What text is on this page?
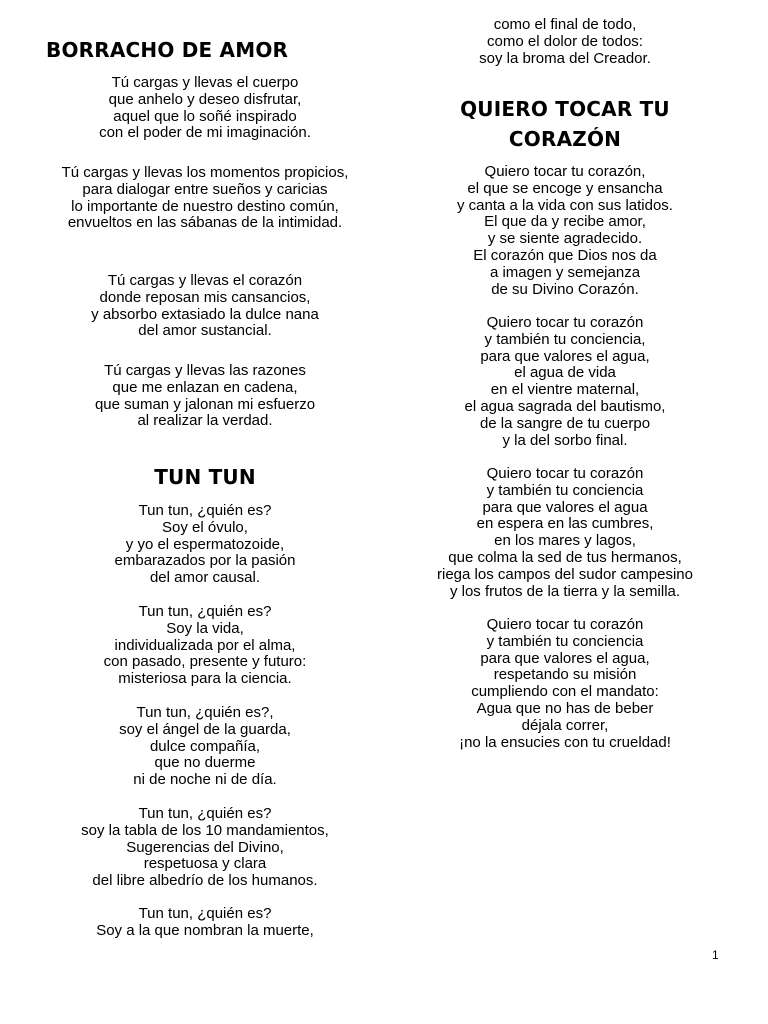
BORRACHO DE AMOR
Tú cargas y llevas el cuerpo
que anhelo y deseo disfrutar,
aquel que lo soñé inspirado
con el poder de mi imaginación.
Tú cargas y llevas los momentos propicios,
para dialogar entre sueños y caricias
lo importante de nuestro destino común,
envueltos en las sábanas de la intimidad.
Tú cargas y llevas el corazón
donde reposan mis cansancios,
y absorbo extasiado la dulce nana
del amor sustancial.
Tú cargas y llevas las razones
que me enlazan en cadena,
que suman y jalonan mi esfuerzo
al realizar la verdad.
TUN TUN
Tun tun, ¿quién es?
Soy el óvulo,
y yo el espermatozoide,
embarazados por la pasión
del amor causal.
Tun tun, ¿quién es?
Soy la vida,
individualizada por el alma,
con pasado, presente y futuro:
misteriosa para la ciencia.
Tun tun, ¿quién es?,
soy el ángel de la guarda,
dulce compañía,
que no duerme
ni de noche ni de día.
Tun tun, ¿quién es?
soy la tabla de los 10 mandamientos,
Sugerencias del Divino,
respetuosa y clara
del libre albedrío de los humanos.
Tun tun, ¿quién es?
Soy a la que nombran la muerte,
como el final de todo,
como el dolor de todos:
soy la broma del Creador.
QUIERO TOCAR TU
CORAZÓN
Quiero tocar tu corazón,
el que se encoge y ensancha
y canta a la vida con sus latidos.
El que da y recibe amor,
y se siente agradecido.
El corazón que Dios nos da
a imagen y semejanza
de su Divino Corazón.
Quiero tocar tu corazón
y también tu conciencia,
para que valores el agua,
el agua de vida
en el vientre maternal,
el agua sagrada del bautismo,
de la sangre de tu cuerpo
y la del sorbo final.
Quiero tocar tu corazón
y también tu conciencia
para que valores el agua
en espera en las cumbres,
en los mares y lagos,
que colma la sed de tus hermanos,
riega los campos del sudor campesino
y los frutos de la tierra y la semilla.
Quiero tocar tu corazón
y también tu conciencia
para que valores el agua,
respetando su misión
cumpliendo con el mandato:
Agua que no has de beber
déjala correr,
¡no la ensucies con tu crueldad!
1
